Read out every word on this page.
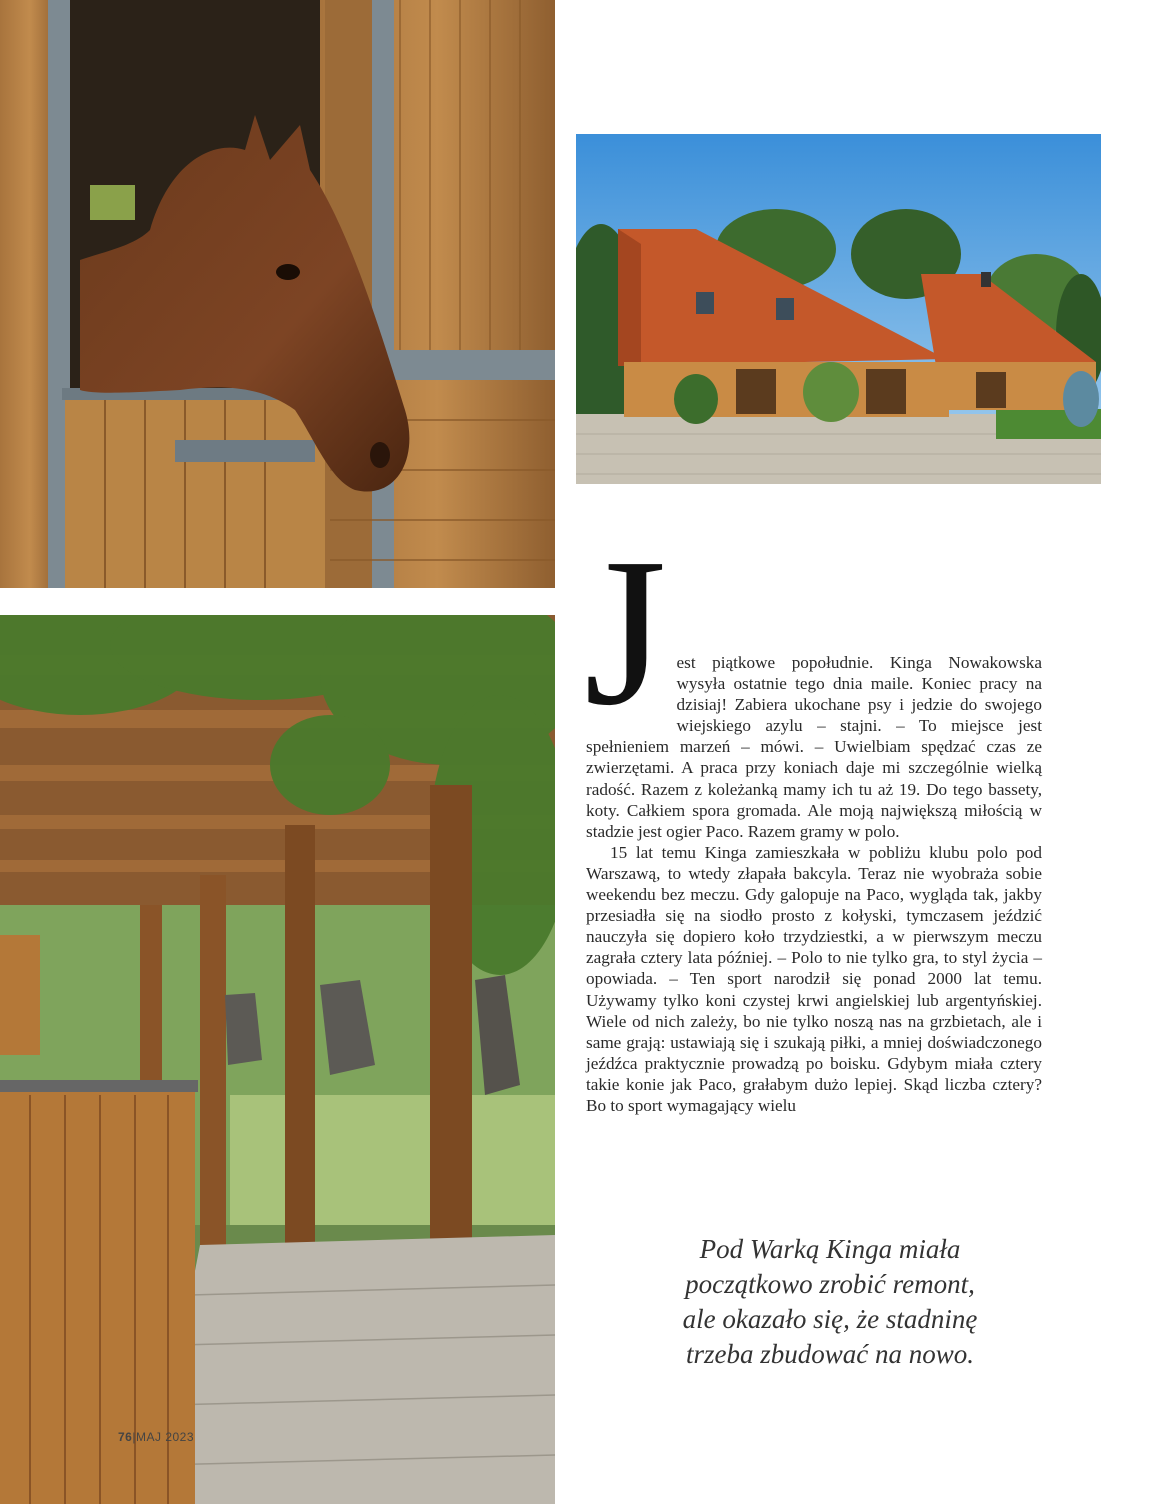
Jest piątkowe popołudnie. Kinga Nowakowska wysyła ostatnie tego dnia maile. Koniec pracy na dzisiaj! Zabiera ukochane psy i jedzie do swojego wiejskiego azylu – stajni. – To miejsce jest spełnieniem marzeń – mówi. – Uwielbiam spędzać czas ze zwierzętami. A praca przy koniach daje mi szczególnie wielką radość. Razem z koleżanką mamy ich tu aż 19. Do tego bassety, koty. Całkiem spora gromada. Ale moją największą miłością w stadzie jest ogier Paco. Razem gramy w polo.

15 lat temu Kinga zamieszkała w pobliżu klubu polo pod Warszawą, to wtedy złapała bakcyla. Teraz nie wyobraża sobie weekendu bez meczu. Gdy galopuje na Paco, wygląda tak, jakby przesiadła się na siodło prosto z kołyski, tymczasem jeździć nauczyła się dopiero koło trzydziestki, a w pierwszym meczu zagrała cztery lata później. – Polo to nie tylko gra, to styl życia – opowiada. – Ten sport narodził się ponad 2000 lat temu. Używamy tylko koni czystej krwi angielskiej lub argentyńskiej. Wiele od nich zależy, bo nie tylko noszą nas na grzbietach, ale i same grają: ustawiają się i szukają piłki, a mniej doświadczonego jeźdźca praktycznie prowadzą po boisku. Gdybym miała cztery takie konie jak Paco, grałabym dużo lepiej. Skąd liczba cztery? Bo to sport wymagający wielu

Pod Warką Kinga miała
początkowo zrobić remont,
ale okazało się, że stadninę
trzeba zbudować na nowo.
76|MAJ 2023
